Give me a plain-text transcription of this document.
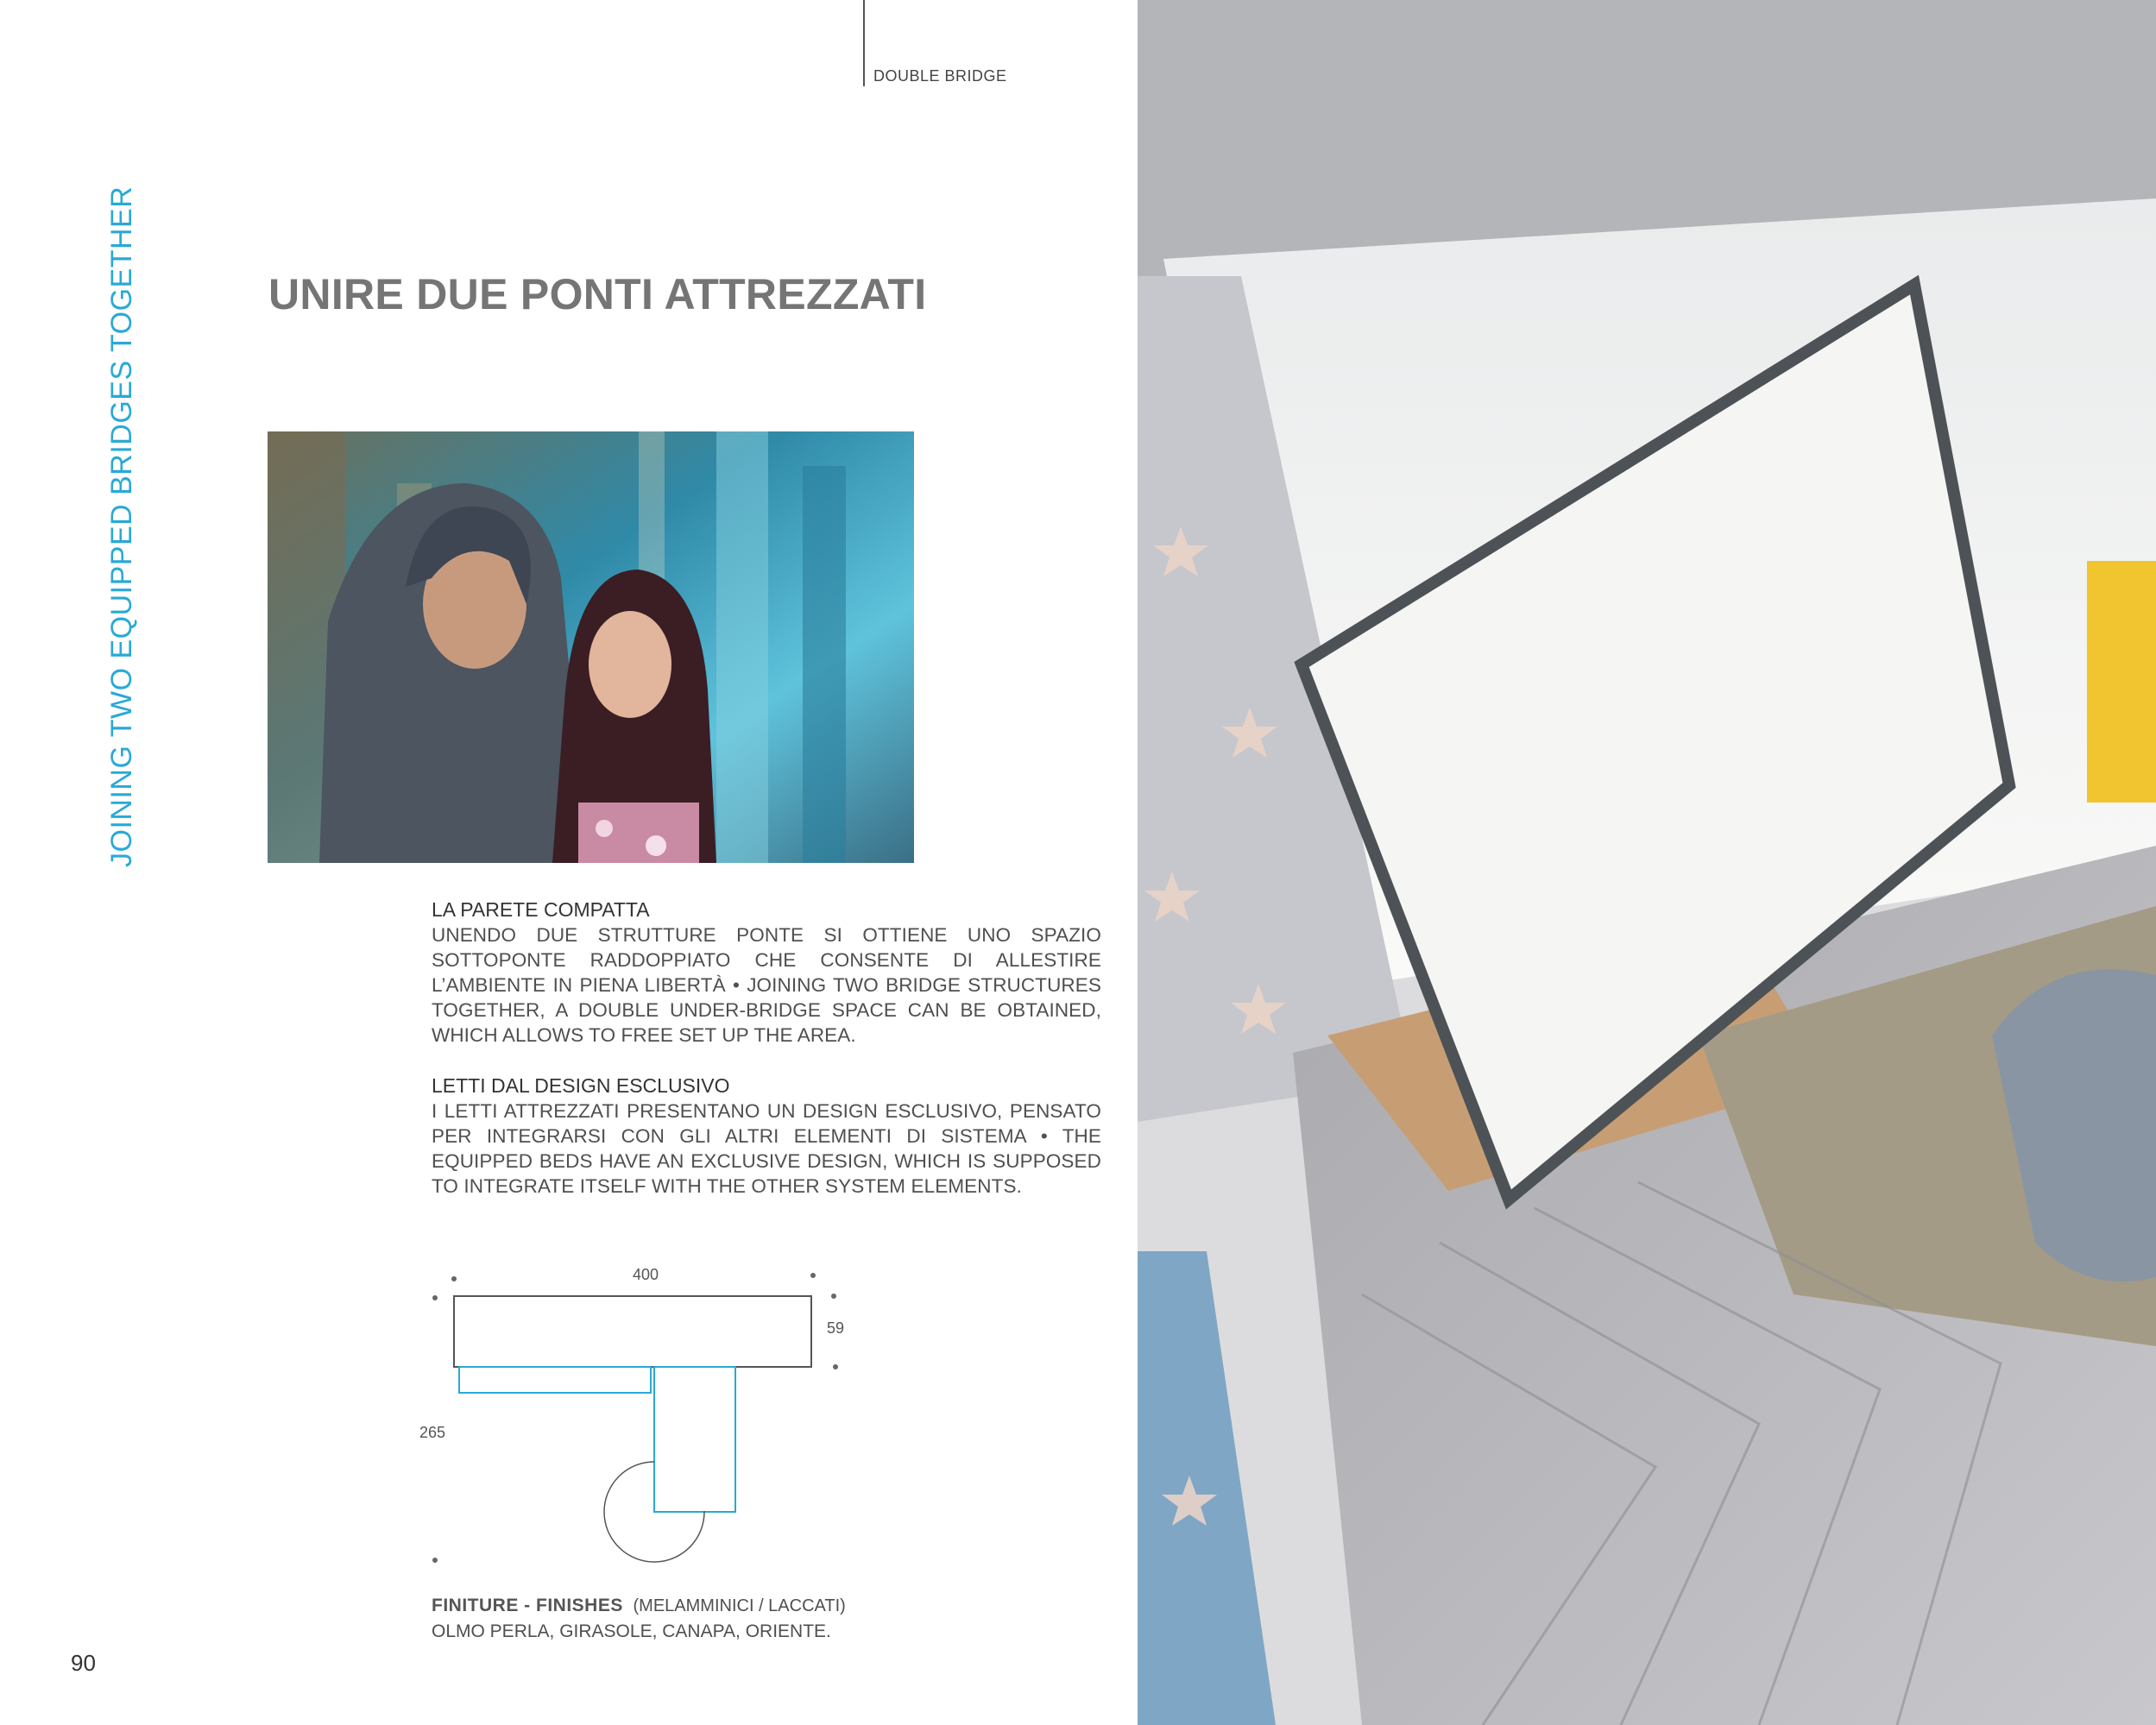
DOUBLE BRIDGE
JOINING TWO EQUIPPED BRIDGES TOGETHER	UNIRE DUE PONTI ATTREZZATI

LA PARETE COMPATTA

UNENDO DUE STRUTTURE PONTE SI OTTIENE UNO SPAZIO SOTTOPONTE RADDOPPIATO CHE CONSENTE DI ALLESTIRE L’AMBIENTE IN PIENA LIBERTÀ • JOINING TWO BRIDGE STRUCTURES TOGETHER, A DOUBLE UNDER-BRIDGE SPACE CAN BE OBTAINED, WHICH ALLOWS TO FREE SET UP THE AREA.

LETTI DAL DESIGN ESCLUSIVO

I LETTI ATTREZZATI PRESENTANO UN DESIGN ESCLUSIVO, PENSATO PER INTEGRARSI CON GLI ALTRI ELEMENTI DI SISTEMA • THE EQUIPPED BEDS HAVE AN EXCLUSIVE DESIGN, WHICH IS SUPPOSED TO INTEGRATE ITSELF WITH THE OTHER SYSTEM ELEMENTS.

400
59
265
FINITURE - FINISHES (MELAMMINICI / LACCATI)
OLMO PERLA, GIRASOLE, CANAPA, ORIENTE.
90
